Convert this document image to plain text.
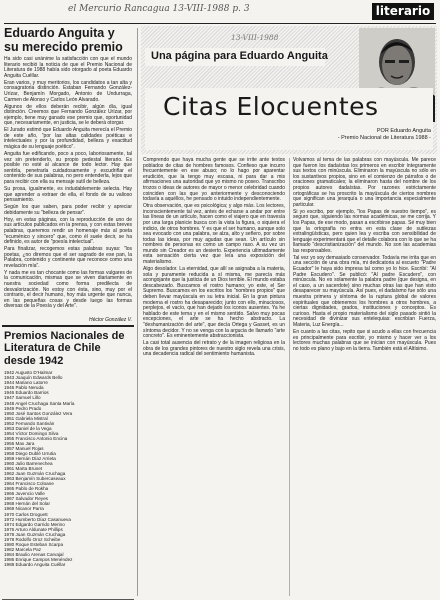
el Mercurio Rancagua 13-VIII-1988 p. 3	literario
Eduardo Anguita y su merecido premio

Ha sido casi unánime la satisfacción con que el mundo literario recibió la noticia de que el Premio Nacional de Literatura de 1988 había sido otorgado al poeta Eduardo Anguita Cuéllar.

Eran varios, y muy meritorios, los candidatos a tan alta y consagratoria distinción. Estaban Fernando González-Urízar, Benjamín Morgado, Antonio de Undurraga, Carmen de Alonso y Carlos León Alvarado.

Algunos de ellos deberán recibir, algún día, igual distinción. Creemos que Fernando González Urízar, por ejemplo, tiene muy ganado ese premio que, oportunidad que, necesariamente, en justicia, se le deberá otorgar.

El Jurado estimó que Eduardo Anguita merecía el Premio de este año, "por las altas calidades poéticas e intelectuales y por la profundidad, belleza y exactitud mágica de su lenguaje poético".

Anguita fue edificando, poco a poco, laboriosamente, tal vez sin pretenderlo, su propio pedestal literario. Es posible no esté al alcance de todo lector. Hay que sentirla, penetrarla cuidadosamente y escudriñar el contenido de sus palabras, no pero entenderla, lejos que para recibir con ella su mensaje sutil de belleza.

Su prosa, igualmente, es indudablemente selecta. Hay que aprender a extraer de ella, el fondo de su valioso pensamiento.

Según los que saben, para poder recibir y apreciar debidamente su "belleza de pensar".

Hoy, en estas páginas, con la reproducción de uno de sus artículos publicados en la prensa, y con estas breves palabras, queremos rendir un homenaje más al poeta "ecuménico y sincero" que, como él suele decir, se ha definido, es autor de "poesía intelectual".

Para finalizar, recogemos estas palabras suyas: "los poetas, ¿no diremos que el ser sagrado de ese pan, la Palabra, contenido y continente que reconoce como una revelación mía".

Y nada me es tan chocante como las formas vulgares de la comunicación, mismas que se viven diariamente en nuestra sociedad como forma predilecta de desvalorización. No estoy con ésta, sino, muy por el contrario, el decir humano, hoy más urgente que nunca, en las pequeñas cosas y desde luego las formas diversas de la Poesía y del Arte".

Héctor González V.
Premios Nacionales de Literatura de Chile desde 1942
1942 Augusto D'Halmar
1943 Joaquín Edwards Bello
1944 Mariano Latorre
1945 Pablo Neruda
1946 Eduardo Barrios
1947 Samuel Lillo
1948 Angel Cruchaga Santa María
1949 Pedro Prado
1950 José Santos González Vera
1951 Gabriela Mistral
1952 Fernando Santiván
1953 Daniel de la Vega
1954 Víctor Domingo Silva
1955 Francisco Antonio Encina
1956 Max Jara
1957 Manuel Rojas
1958 Diego Dublé Urrutia
1959 Hernán Díaz Arrieta
1960 Julio Barrenechea
1961 Marta Brunet
1962 Juan Guzmán Cruchaga
1963 Benjamín Subercaseaux
1964 Francisco Coloane
1965 Pablo de Rokha
1966 Juvencio Valle
1967 Salvador Reyes
1968 Hernán del Solar
1969 Nicanor Parra
1970 Carlos Droguett
1972 Humberto Díaz Casanueva
1974 Edgardo Garrido Merino
1976 Arturo Aldunate Phillips
1978 Juan Guzmán Cruchaga
1978 Rodolfo Oroz Scheibe
1980 Roque Esteban Scarpa
1982 Marcela Paz
1984 Braulio Arenas Carvajal
1986 Enrique Campos Menéndez
1988 Eduardo Anguita Cuéllar
Una página para Eduardo Anguita
13-VIII-1988
Citas Elocuentes
POR Eduardo Anguita
- Premio Nacional de Literatura 1988 -

Comprendo que haya mucha gente que se irrite ante textos poblados de citas de hombres famosos. Confieso que incurro frecuentemente en ese abuso; no lo hago por aparentar erudición, que la tengo muy escasa, ni para dar a mis afirmaciones una autoridad que yo mismo no poseo. Transcribo trozos o ideas de autores de mayor o menor celebridad cuando coinciden con las que yo anteriormente y desconociendo todavía a aquéllos, he pensado o intuido independientemente.

Otra observación, que es psicológica; y algo más. Los lectores, inconscientemente tal vez, antes de echarse a andar por entre las líneas de un artículo, hacen como el viajero que en travesía por una larga planicie busca con la vista la figura, o siquiera el indicio, de otros hombres. Y es que el ser humano, aunque solo sea evocado con una palabra, se alza, alto y señero, por sobre todas las ideas, por muy agudas que sean. Un artículo sin nombres de personas es como un campo raso. A su vez un mundo sin Creador es un desierto. Experiencia ultimadamente esta sensación cierta vez que leía una exposición del materialismo.

Algo desolador. La eternidad, que allí se asignaba a la materia, sola y puramente reducida a sí misma, me parecía más acongojante que la justicia de un Dios terrible. El mundo estaba descabezado. Buscamos el rostro humano; yo este, el Ser Supremo. Buscamos en los escritos los "nombres propios" que deben llevar mayúscula en su letra inicial. En la gran pintura moderna el rostro ha desaparecido; junto con ello, minuciosos, perplejos, el vacío, que han dejado los iconos ausentes. Ya he hablado de este tema y en el mismo sentido. Salvo muy pocas excepciones, el arte se ha hecho abstracto. La "deshumanización del arte", que decía Ortega y Gasset, es un síntoma decidor. Y no se venga con la argucia de llamarlo "arte concreto". Es eminentemente abstraccionista.

La casi total ausencia del retrato y de la imagen religiosa en la obra de los grandes pintores de nuestro siglo revela una crisis, una decadencia radical del sentimiento humanista.

Volvamos al tema de las palabras con mayúscula. Me parece que fueron los dadaístas los primeros en escribir íntegramente sus textos con minúscula. Eliminaron la mayúscula no sólo en los sustantivos propios, sino en el comienzo de párrafos o de oraciones gramaticales; la eliminaron hasta del nombre de los propios autores dadaístas. Por razones estrictamente ortográficas se ha proscrito la mayúscula de ciertos nombres que significan una jerarquía o una importancia especialmente particular.

Si yo escribo, por ejemplo, "los Papas de nuestro tiempo", es seguro que, siguiendo las normas académicas, se me corrija. Y los Papas, de ese modo, pasan a escribirse papas. Sé muy bien que la ortografía no entra en esta clase de sutilezas extralingüísticas, pero quien lea y escriba con sensibilidad de lenguaje experimentará que el detalle colabora con lo que se ha llamado "descristianización" del mundo. No son las academias las responsables.

Tal vez yo soy demasiado conservador. Todavía me irrita que en una sección de una obra mía, mi dedicatoria al escueto "Padre Ecuador" le haya sido impresa tal como yo lo hice. Escribí: "Al Padre Escudero". Se publicó: "Al padre Escudero", con minúscula. No es solamente la palabra padre (que designa, en el caso, a un sacerdote) sino muchas otras las que han visto desaparecer su mayúscula. Así pues, el dadaísmo fue sólo una muestra primera y síntoma de la ruptura global de valores espirituales que obtenemos los hombres a otros hombres, a ciertas dignidades, grados, instituciones y conceptos. Es curioso. Hasta el propio materialismo del siglo pasado sintió la necesidad de divinizar sus entelequias: escribían Fuerza, Materia, Luz Energía...

En cuanto a las citas, repito que si acudo a ellas con frecuencia es principalmente para escribir, yo mismo y hacer ver a los lectores muchas palabras que se inician con mayúscula. Pues no todo es plano y bajo en la tierra. También está el Altísimo.
